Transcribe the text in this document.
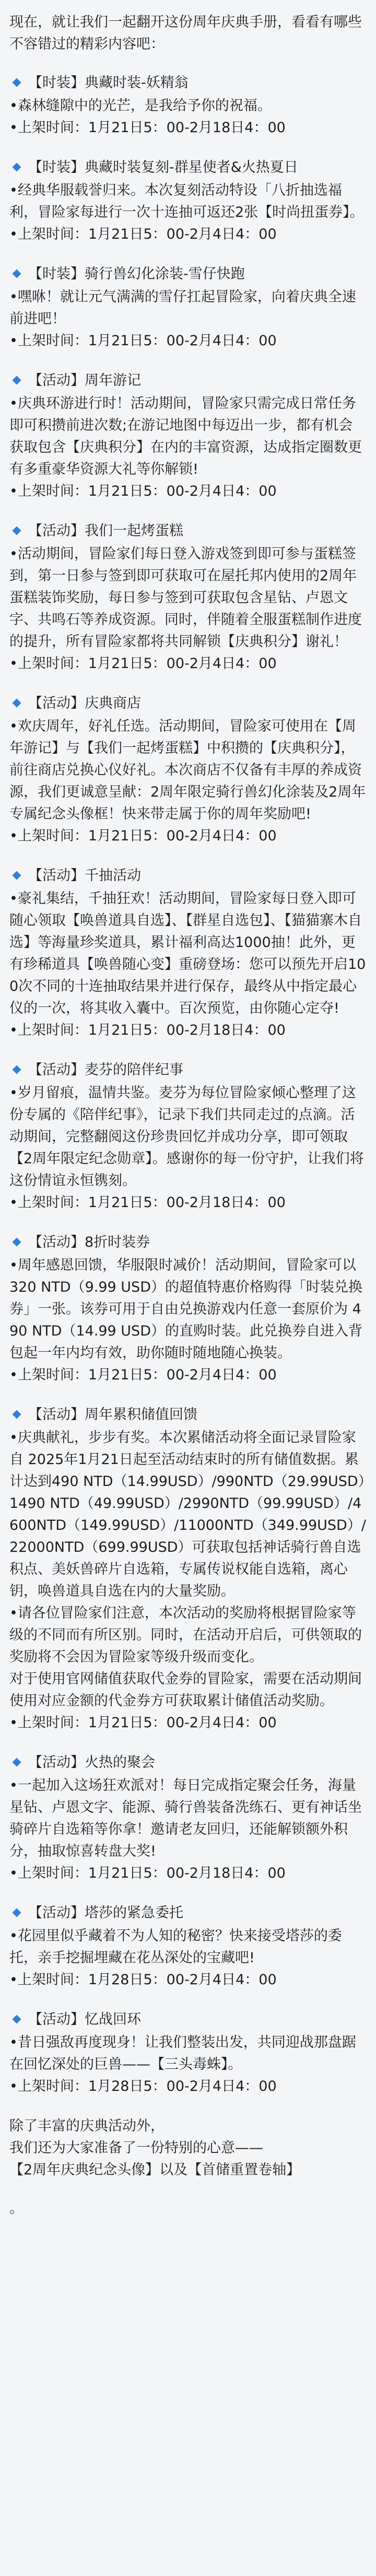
现在，就让我们一起翻开这份周年庆典手册，看看有哪些不容错过的精彩内容吧：

【时装】典藏时装-妖精翁

•森林缝隙中的光芒，是我给予你的祝福。

•上架时间：1月21日5：00-2月18日4：00

【时装】典藏时装复刻-群星使者&火热夏日

•经典华服载誉归来。本次复刻活动特设「八折抽选福利，冒险家每进行一次十连抽可返还2张【时尚扭蛋券】。

•上架时间：1月21日5：00-2月4日4：00

【时装】骑行兽幻化涂装-雪仔快跑

•嘿咻！就让元气满满的雪仔扛起冒险家，向着庆典全速前进吧！

•上架时间：1月21日5：00-2月4日4：00

【活动】周年游记

•庆典环游进行时！活动期间，冒险家只需完成日常任务即可积攒前进次数;在游记地图中每迈出一步，都有机会获取包含【庆典积分】在内的丰富资源，达成指定圈数更有多重豪华资源大礼等你解锁!

•上架时间：1月21日5：00-2月4日4：00

【活动】我们一起烤蛋糕

•活动期间，冒险家们每日登入游戏签到即可参与蛋糕签到，第一日参与签到即可获取可在屋托邦内使用的2周年蛋糕装饰奖励，每日参与签到可获取包含星钻、卢恩文字、共鸣石等养成资源。同时，伴随着全服蛋糕制作进度的提升，所有冒险家都将共同解锁【庆典积分】谢礼！

•上架时间：1月21日5：00-2月4日4：00

【活动】庆典商店

•欢庆周年，好礼任选。活动期间，冒险家可使用在【周年游记】与【我们一起烤蛋糕】中积攒的【庆典积分】，前往商店兑换心仪好礼。本次商店不仅备有丰厚的养成资源，我们更诚意呈献：2周年限定骑行兽幻化涂装及2周年专属纪念头像框！快来带走属于你的周年奖励吧!

•上架时间：1月21日5：00-2月4日4：00

【活动】千抽活动

•豪礼集结，千抽狂欢！活动期间，冒险家每日登入即可随心领取【唤兽道具自选】、【群星自选包】、【猫猫寨木自选】等海量珍奖道具，累计福利高达1000抽！此外，更有珍稀道具【唤兽随心变】重磅登场：您可以预先开启100次不同的十连抽取结果并进行保存，最终从中指定最心仪的一次，将其收入囊中。百次预览，由你随心定夺!

•上架时间：1月21日5：00-2月18日4：00

【活动】麦芬的陪伴纪事

•岁月留痕，温情共鉴。麦芬为每位冒险家倾心整理了这份专属的《陪伴纪事》，记录下我们共同走过的点滴。活动期间，完整翻阅这份珍贵回忆并成功分享，即可领取【2周年限定纪念勋章】。感谢你的每一份守护，让我们将这份情谊永恒镌刻。

•上架时间：1月21日5：00-2月18日4：00

【活动】8折时装券

•周年感恩回馈，华服限时减价！活动期间，冒险家可以 320 NTD（9.99 USD）的超值特惠价格购得「时装兑换券」一张。该券可用于自由兑换游戏内任意一套原价为 490 NTD（14.99 USD）的直购时装。此兑换券自进入背包起一年内均有效，助你随时随地随心换装。

•上架时间：1月21日5：00-2月4日4：00

【活动】周年累积储值回馈

•庆典献礼，步步有奖。本次累储活动将全面记录冒险家自 2025年1月21日起至活动结束时的所有储值数据。累计达到490 NTD（14.99USD）/990NTD（29.99USD）1490 NTD（49.99USD）/2990NTD（99.99USD）/4600NTD（149.99USD）/11000NTD（349.99USD）/22000NTD（699.99USD）可获取包括神话骑行兽自选积点、美妖兽碎片自选箱，专属传说权能自选箱，离心钥，唤兽道具自选在内的大量奖励。

•请各位冒险家们注意，本次活动的奖励将根据冒险家等级的不同而有所区别。同时，在活动开启后，可供领取的奖励将不会因为冒险家等级升级而变化。

对于使用官网储值获取代金券的冒险家，需要在活动期间使用对应金额的代金券方可获取累计储值活动奖励。

•上架时间：1月21日5：00-2月4日4：00

【活动】火热的聚会

•一起加入这场狂欢派对！每日完成指定聚会任务，海量星钻、卢恩文字、能源、骑行兽装备洗练石、更有神话坐骑碎片自选箱等你拿！邀请老友回归，还能解锁额外积分，抽取惊喜转盘大奖!

•上架时间：1月21日5：00-2月18日4：00

【活动】塔莎的紧急委托

•花园里似乎藏着不为人知的秘密？快来接受塔莎的委托，亲手挖掘埋藏在花丛深处的宝藏吧!

•上架时间：1月28日5：00-2月4日4：00

【活动】忆战回环

•昔日强敌再度现身！让我们整装出发，共同迎战那盘踞在回忆深处的巨兽——【三头毒蛛】。

•上架时间：1月28日5：00-2月4日4：00

除了丰富的庆典活动外，
我们还为大家准备了一份特别的心意——
【2周年庆典纪念头像】以及【首储重置卷轴】

。
